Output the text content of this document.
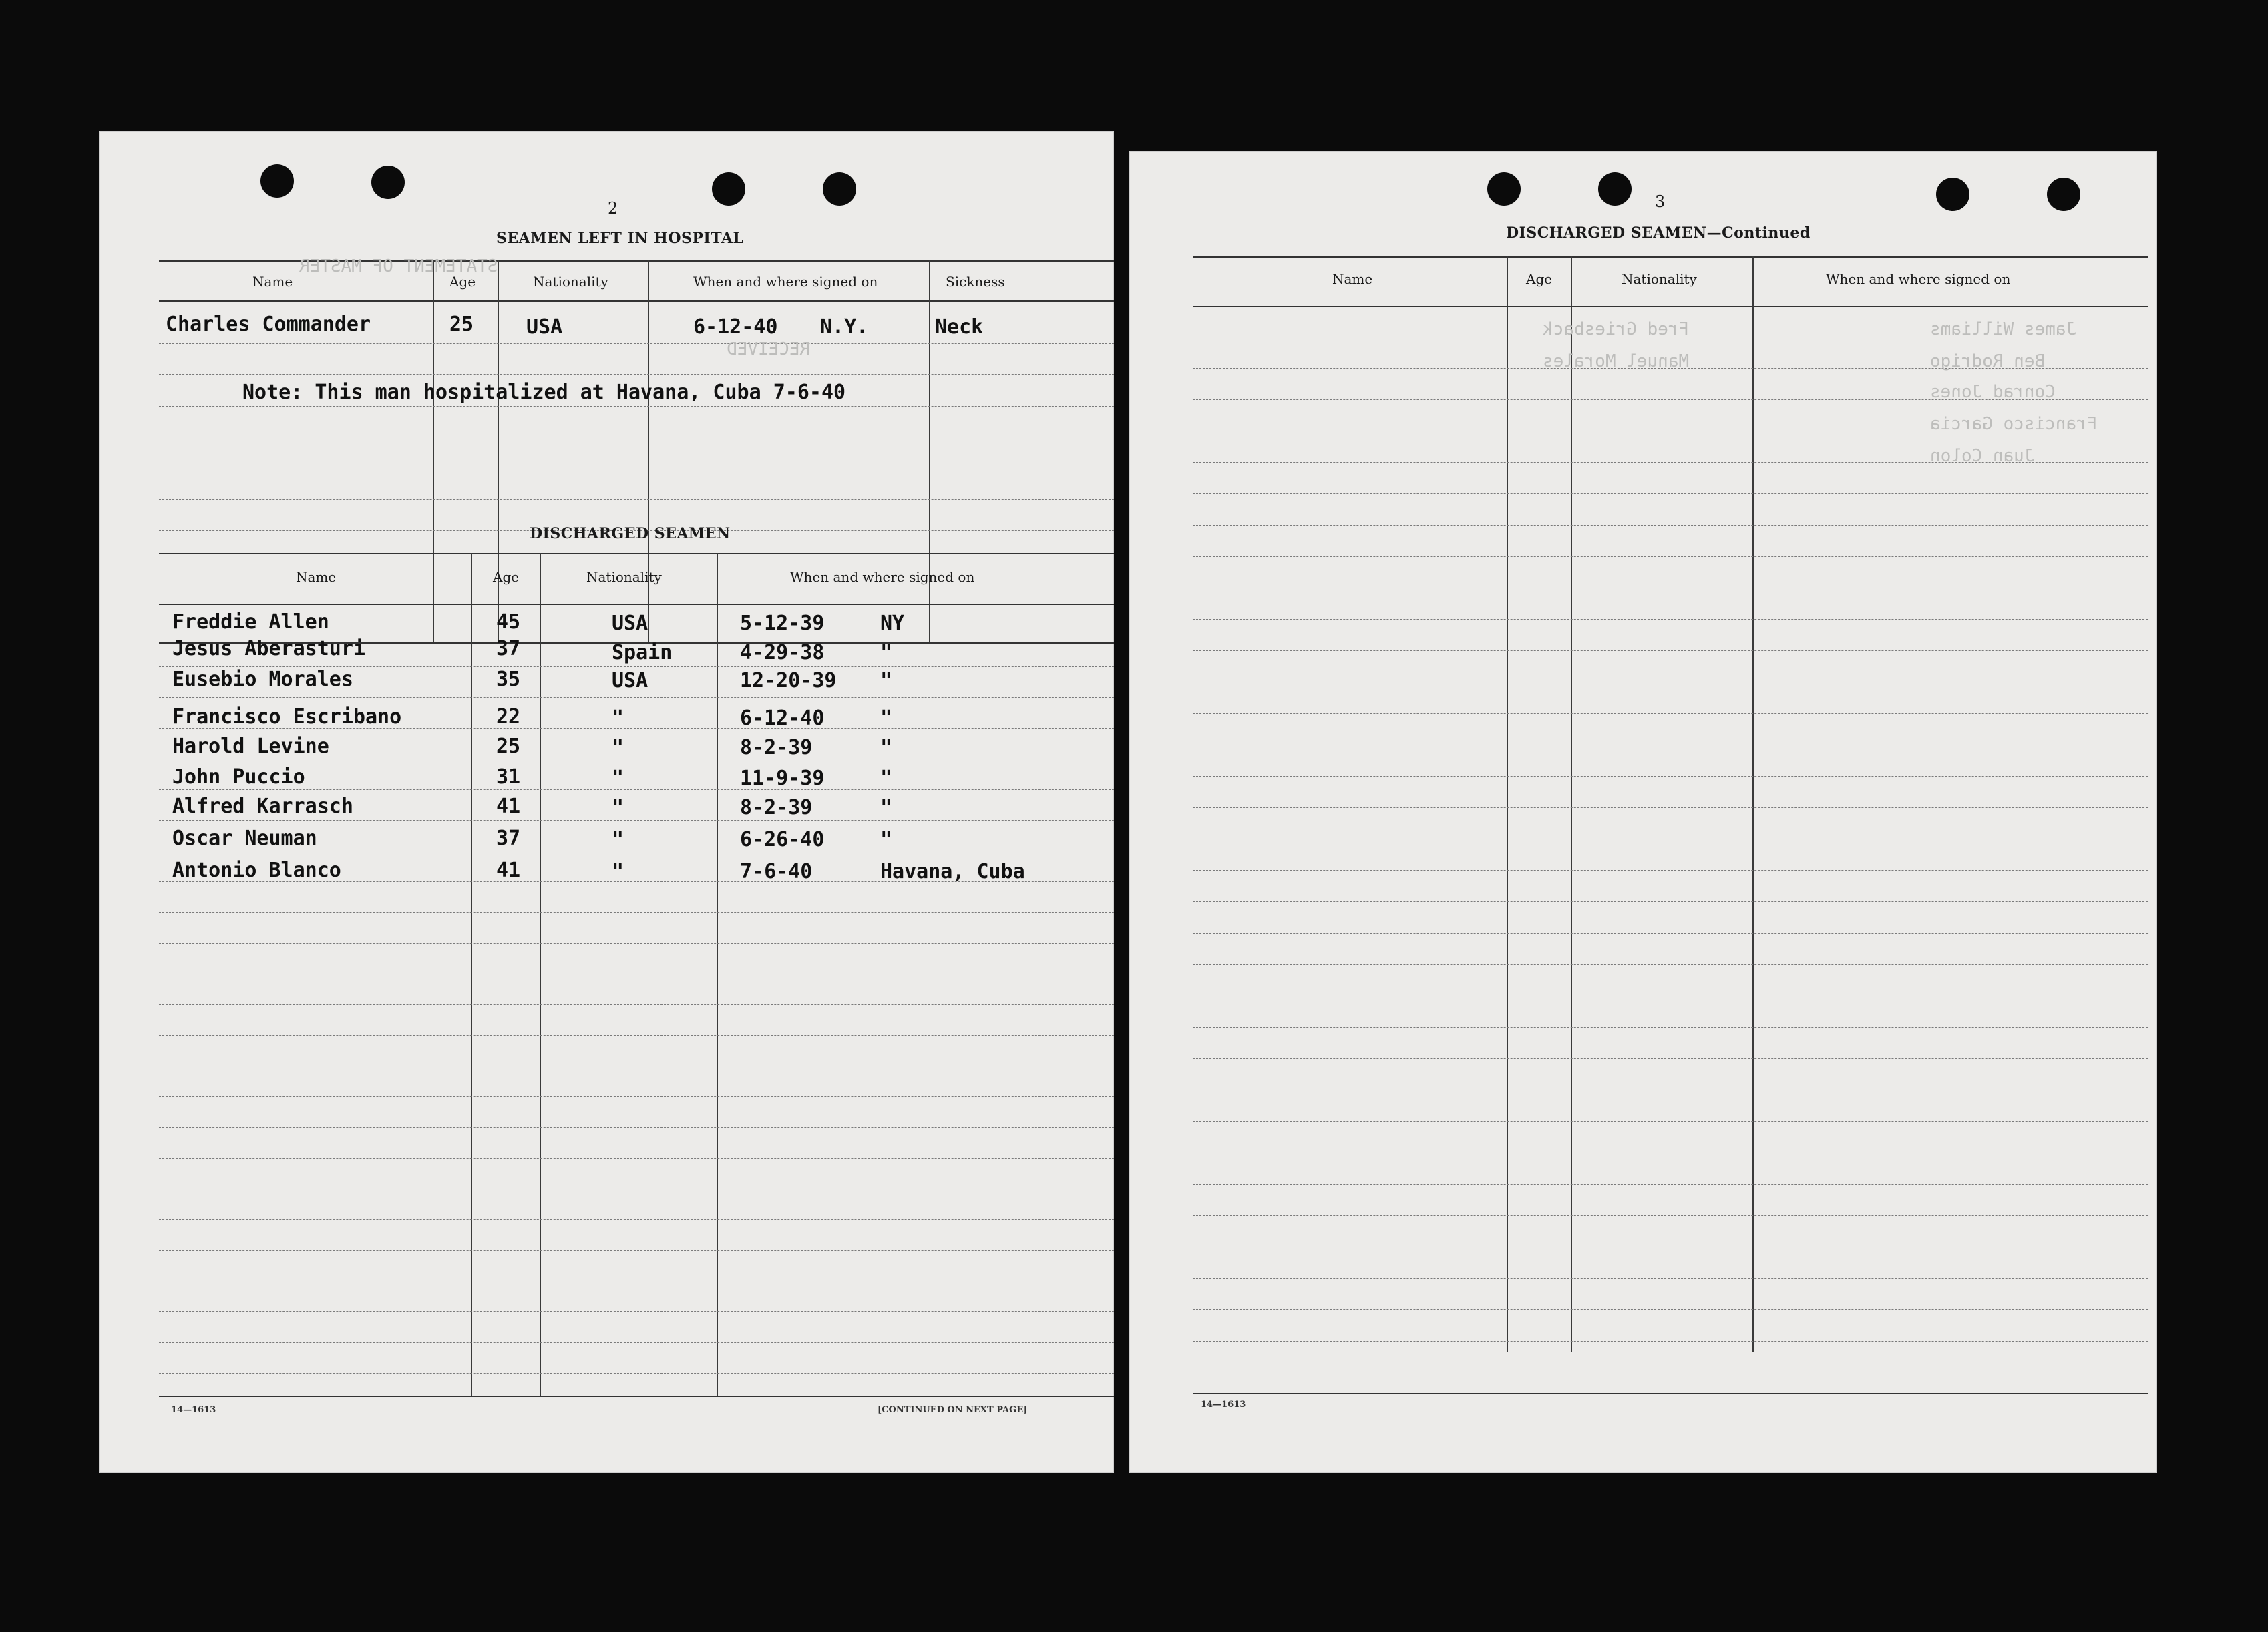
2
SEAMEN LEFT IN HOSPITAL
Name	Age	Nationality	When and where signed on	Sickness
Charles Commander	25	USA	6-12-40 N.Y.	Neck
Note: This man hospitalized at Havana, Cuba 7-6-40
DISCHARGED SEAMEN
Name	Age	Nationality	When and where signed on
Freddie Allen	45	USA	5-12-39	NY
Jesus Aberasturi	37	Spain	4-29-38	"
Eusebio Morales	35	USA	12-20-39 "
Francisco Escribano	22	"	6-12-40	"
Harold Levine	25	"	8-2-39	"
John Puccio	31	"	11-9-39	"
Alfred Karrasch	41	"	8-2-39	"
Oscar Neuman	37	"	6-26-40	"
Antonio Blanco	41	"	7-6-40	Havana, Cuba
14—1613	[CONTINUED ON NEXT PAGE]
STATEMENT OF MASTER
RECEIVED
3
DISCHARGED SEAMEN—Continued
Name	Age	Nationality	When and where signed on
14—1613
James Williams
Ben Rodrigo
Conrad Jones
Francisco Garcia
Juan Colon
Fred Griesback
Manuel Morales
